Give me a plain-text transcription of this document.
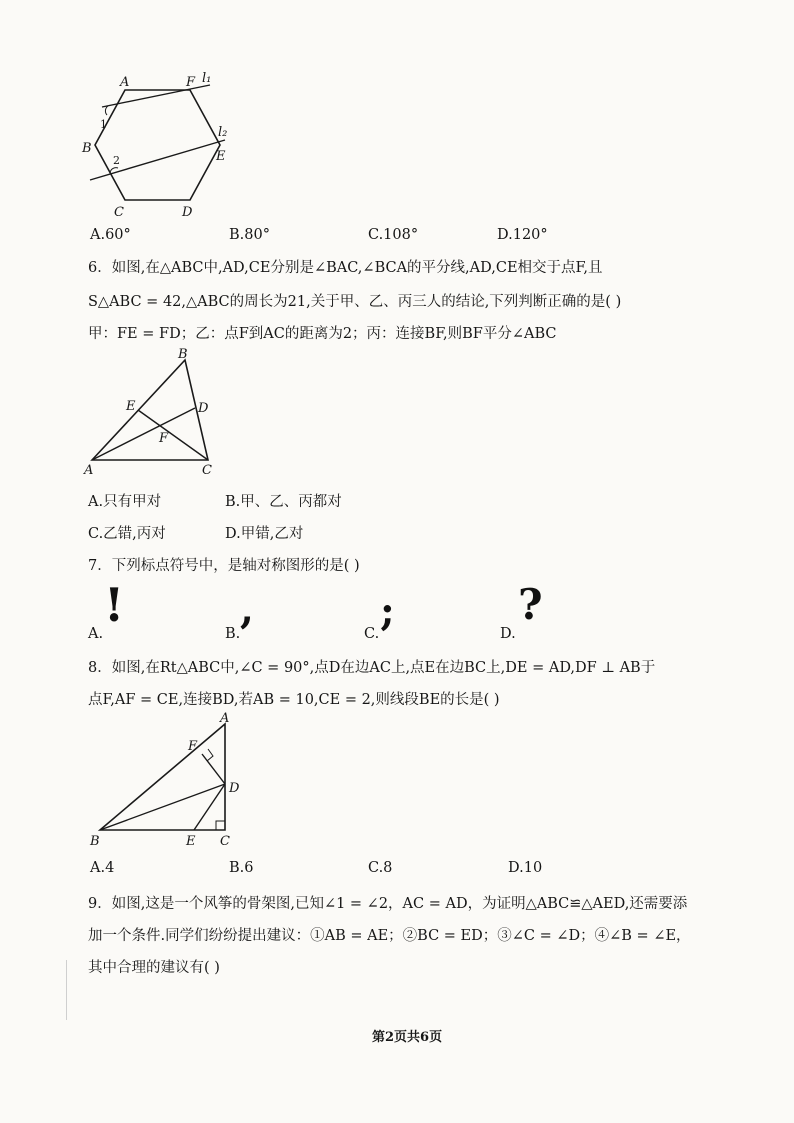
A	F l₁
l₂
B
E
C	D
1
2
A.60°	B.80°	C.108°	D.120°
6．如图,在△ABC中,AD,CE分别是∠BAC,∠BCA的平分线,AD,CE相交于点F,且
S△ABC = 42,△ABC的周长为21,关于甲、乙、丙三人的结论,下列判断正确的是( )
甲：FE = FD；乙：点F到AC的距离为2；丙：连接BF,则BF平分∠ABC
B
E	D
F
A	C
A.只有甲对	B.甲、乙、丙都对
C.乙错,丙对	D.甲错,乙对
7．下列标点符号中，是轴对称图形的是( )
A.
!
B.
,
C. ;	D.
?
8．如图,在Rt△ABC中,∠C = 90°,点D在边AC上,点E在边BC上,DE = AD,DF ⊥ AB于
点F,AF = CE,连接BD,若AB = 10,CE = 2,则线段BE的长是( )
A
F
D
B	E C
A.4	B.6	C.8	D.10
9．如图,这是一个风筝的骨架图,已知∠1 = ∠2，AC = AD，为证明△ABC≌△AED,还需要添
加一个条件.同学们纷纷提出建议：①AB = AE；②BC = ED；③∠C = ∠D；④∠B = ∠E，
其中合理的建议有( )
第2页共6页
